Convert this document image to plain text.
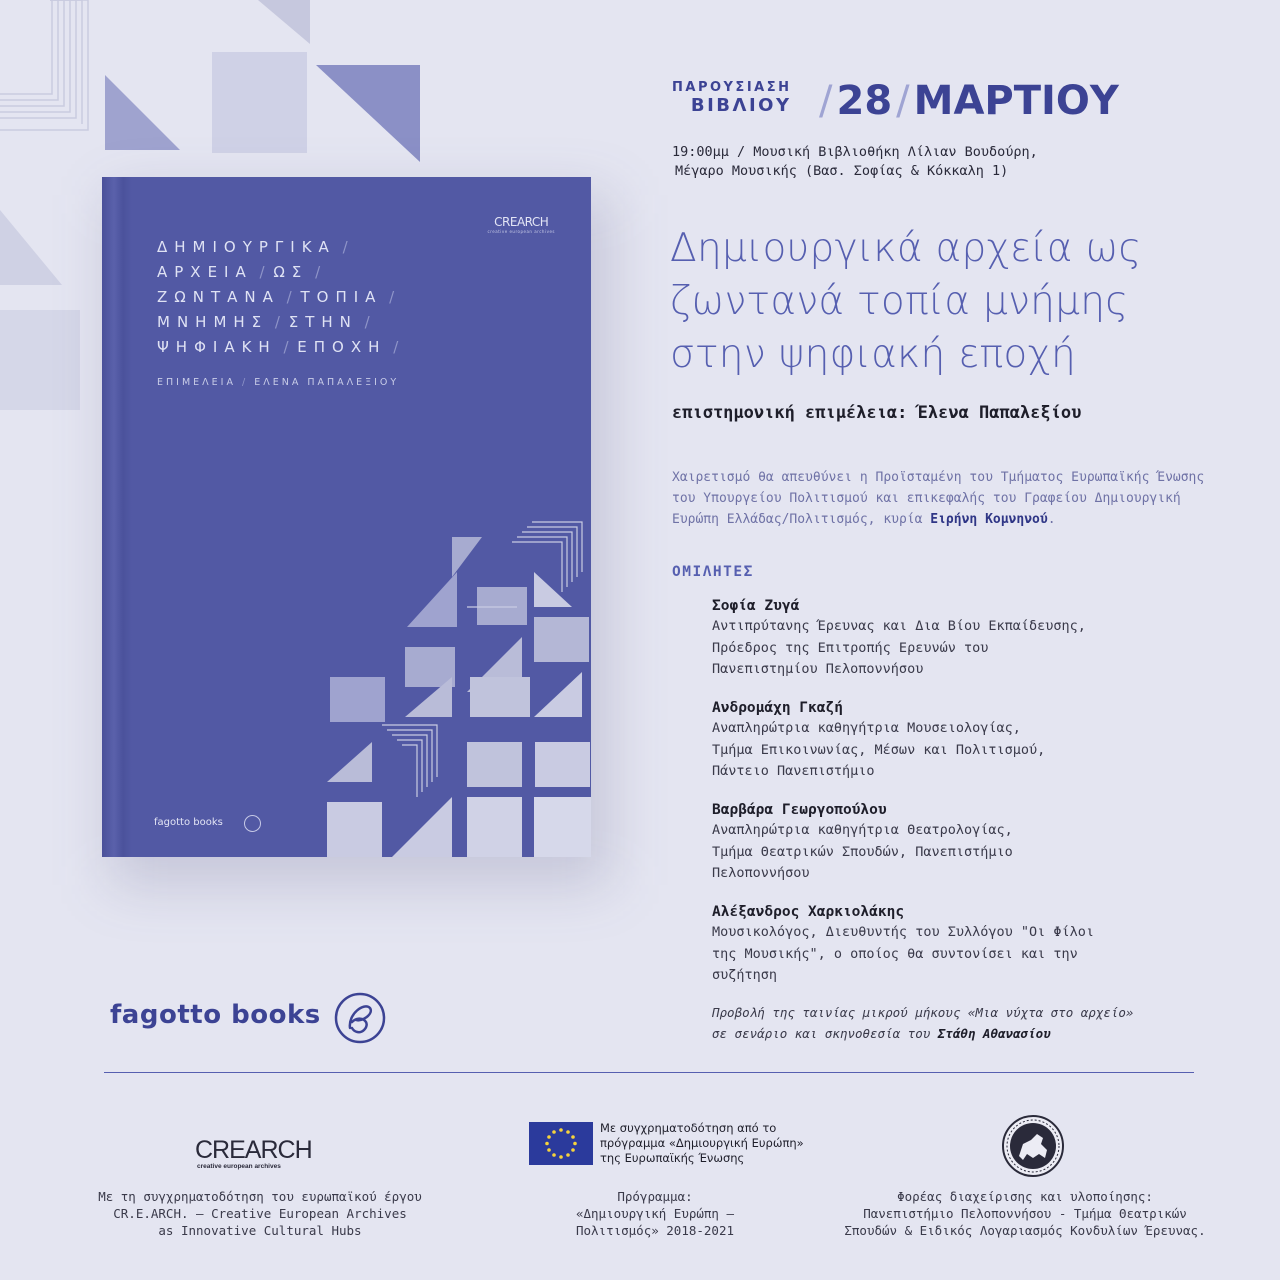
CREARCH
creative european archives
ΔΗΜΙΟΥΡΓΙΚΑ /
ΑΡΧΕΙΑ / ΩΣ /
ΖΩΝΤΑΝΑ / ΤΟΠΙΑ /
ΜΝΗΜΗΣ / ΣΤΗΝ /
ΨΗΦΙΑΚΗ / ΕΠΟΧΗ /
ΕΠΙΜΕΛΕΙΑ / ΕΛΕΝΑ ΠΑΠΑΛΕΞΙΟΥ
fagotto books
ΠΑΡΟΥΣΙΑΣΗ
ΒΙΒΛΙΟΥ / 28 / ΜΑΡΤΙΟΥ
19:00μμ / Μουσική Βιβλιοθήκη Λίλιαν Βουδούρη,
Μέγαρο Μουσικής (Βασ. Σοφίας & Κόκκαλη 1)
Δημιουργικά αρχεία ως
ζωντανά τοπία μνήμης
στην ψηφιακή εποχή
επιστημονική επιμέλεια: Έλενα Παπαλεξίου
Χαιρετισμό θα απευθύνει η Προϊσταμένη του Τμήματος Ευρωπαϊκής Ένωσης του Υπουργείου Πολιτισμού και επικεφαλής του Γραφείου Δημιουργική Ευρώπη Ελλάδας/Πολιτισμός, κυρία Ειρήνη Κομνηνού.
ΟΜΙΛΗΤΕΣ
Σοφία Ζυγά
Αντιπρύτανης Έρευνας και Δια Βίου Εκπαίδευσης,
Πρόεδρος της Επιτροπής Ερευνών του
Πανεπιστημίου Πελοποννήσου
Ανδρομάχη Γκαζή
Αναπληρώτρια καθηγήτρια Μουσειολογίας,
Τμήμα Επικοινωνίας, Μέσων και Πολιτισμού,
Πάντειο Πανεπιστήμιο
Βαρβάρα Γεωργοπούλου
Αναπληρώτρια καθηγήτρια Θεατρολογίας,
Τμήμα Θεατρικών Σπουδών, Πανεπιστήμιο
Πελοποννήσου
Αλέξανδρος Χαρκιολάκης
Μουσικολόγος, Διευθυντής του Συλλόγου "Οι Φίλοι
της Μουσικής", ο οποίος θα συντονίσει και την
συζήτηση
Προβολή της ταινίας μικρού μήκους «Μια νύχτα στο αρχείο»
σε σενάριο και σκηνοθεσία του Στάθη Αθανασίου
fagotto books
CREARCH
creative european archives
Με τη συγχρηματοδότηση του ευρωπαϊκού έργου
CR.E.ARCH. – Creative European Archives
as Innovative Cultural Hubs
Με συγχρηματοδότηση από το
πρόγραμμα «Δημιουργική Ευρώπη»
της Ευρωπαϊκής Ένωσης
Πρόγραμμα:
«Δημιουργική Ευρώπη –
Πολιτισμός» 2018-2021
Φορέας διαχείρισης και υλοποίησης:
Πανεπιστήμιο Πελοποννήσου - Τμήμα Θεατρικών
Σπουδών & Ειδικός Λογαριασμός Κονδυλίων Έρευνας.
